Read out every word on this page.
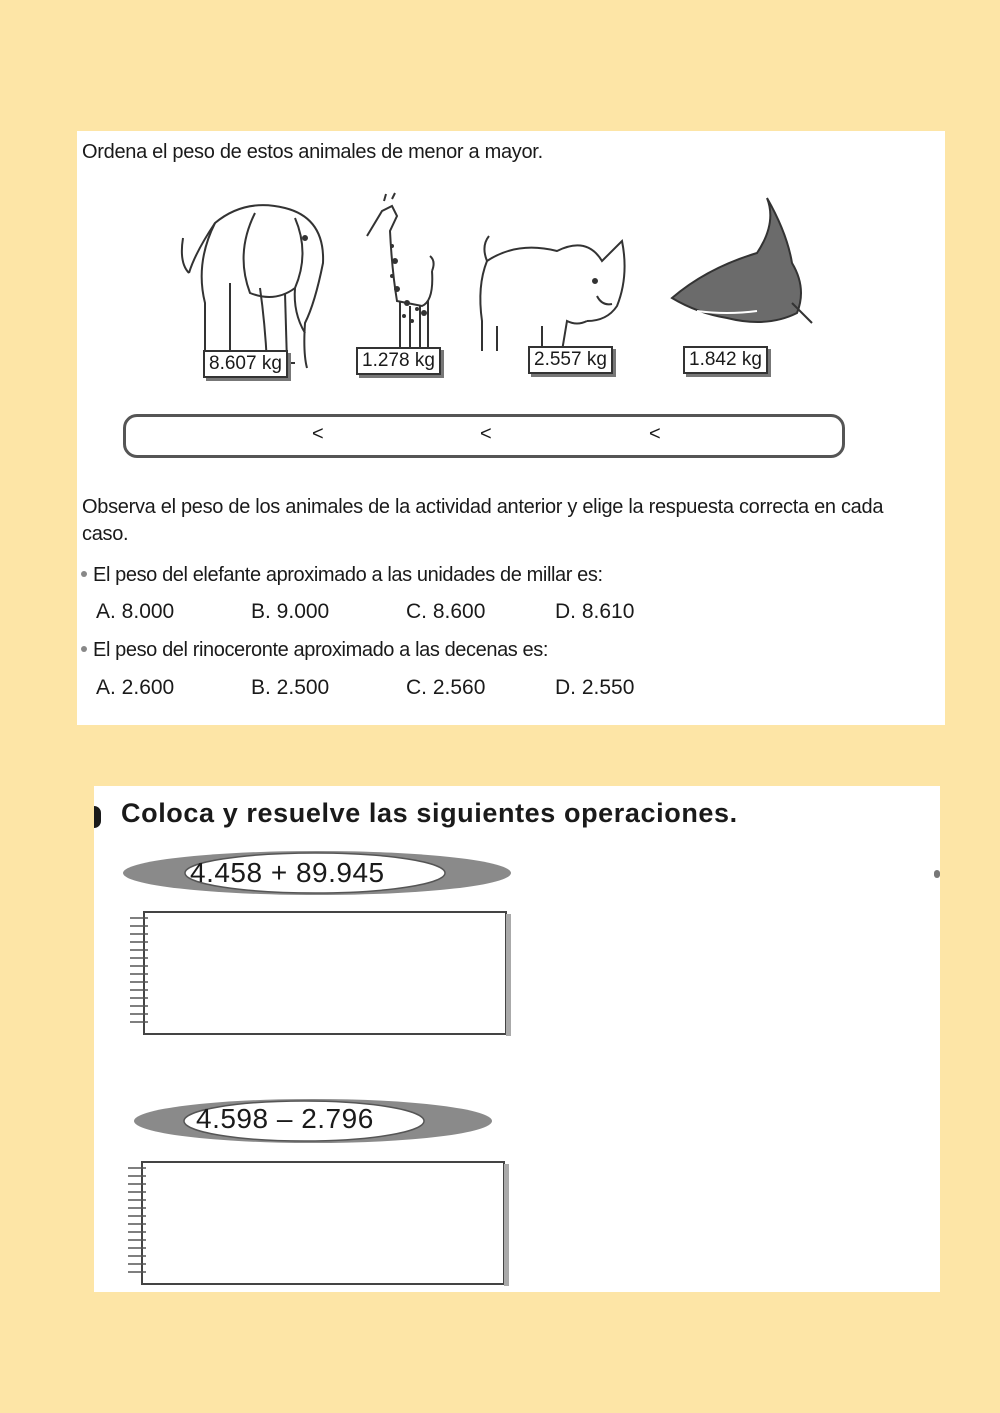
Ordena el peso de estos animales de menor a mayor.
8.607 kg	1.278 kg	2.557 kg	1.842 kg
<	<	<
Observa el peso de los animales de la actividad anterior y elige la respuesta correcta en cada caso.
El peso del elefante aproximado a las unidades de millar es:
A. 8.000	B. 9.000	C. 8.600	D. 8.610
El peso del rinoceronte aproximado a las decenas es:
A. 2.600	B. 2.500	C. 2.560	D. 2.550
Coloca y resuelve las siguientes operaciones.
4.458 + 89.945
4.598 – 2.796
